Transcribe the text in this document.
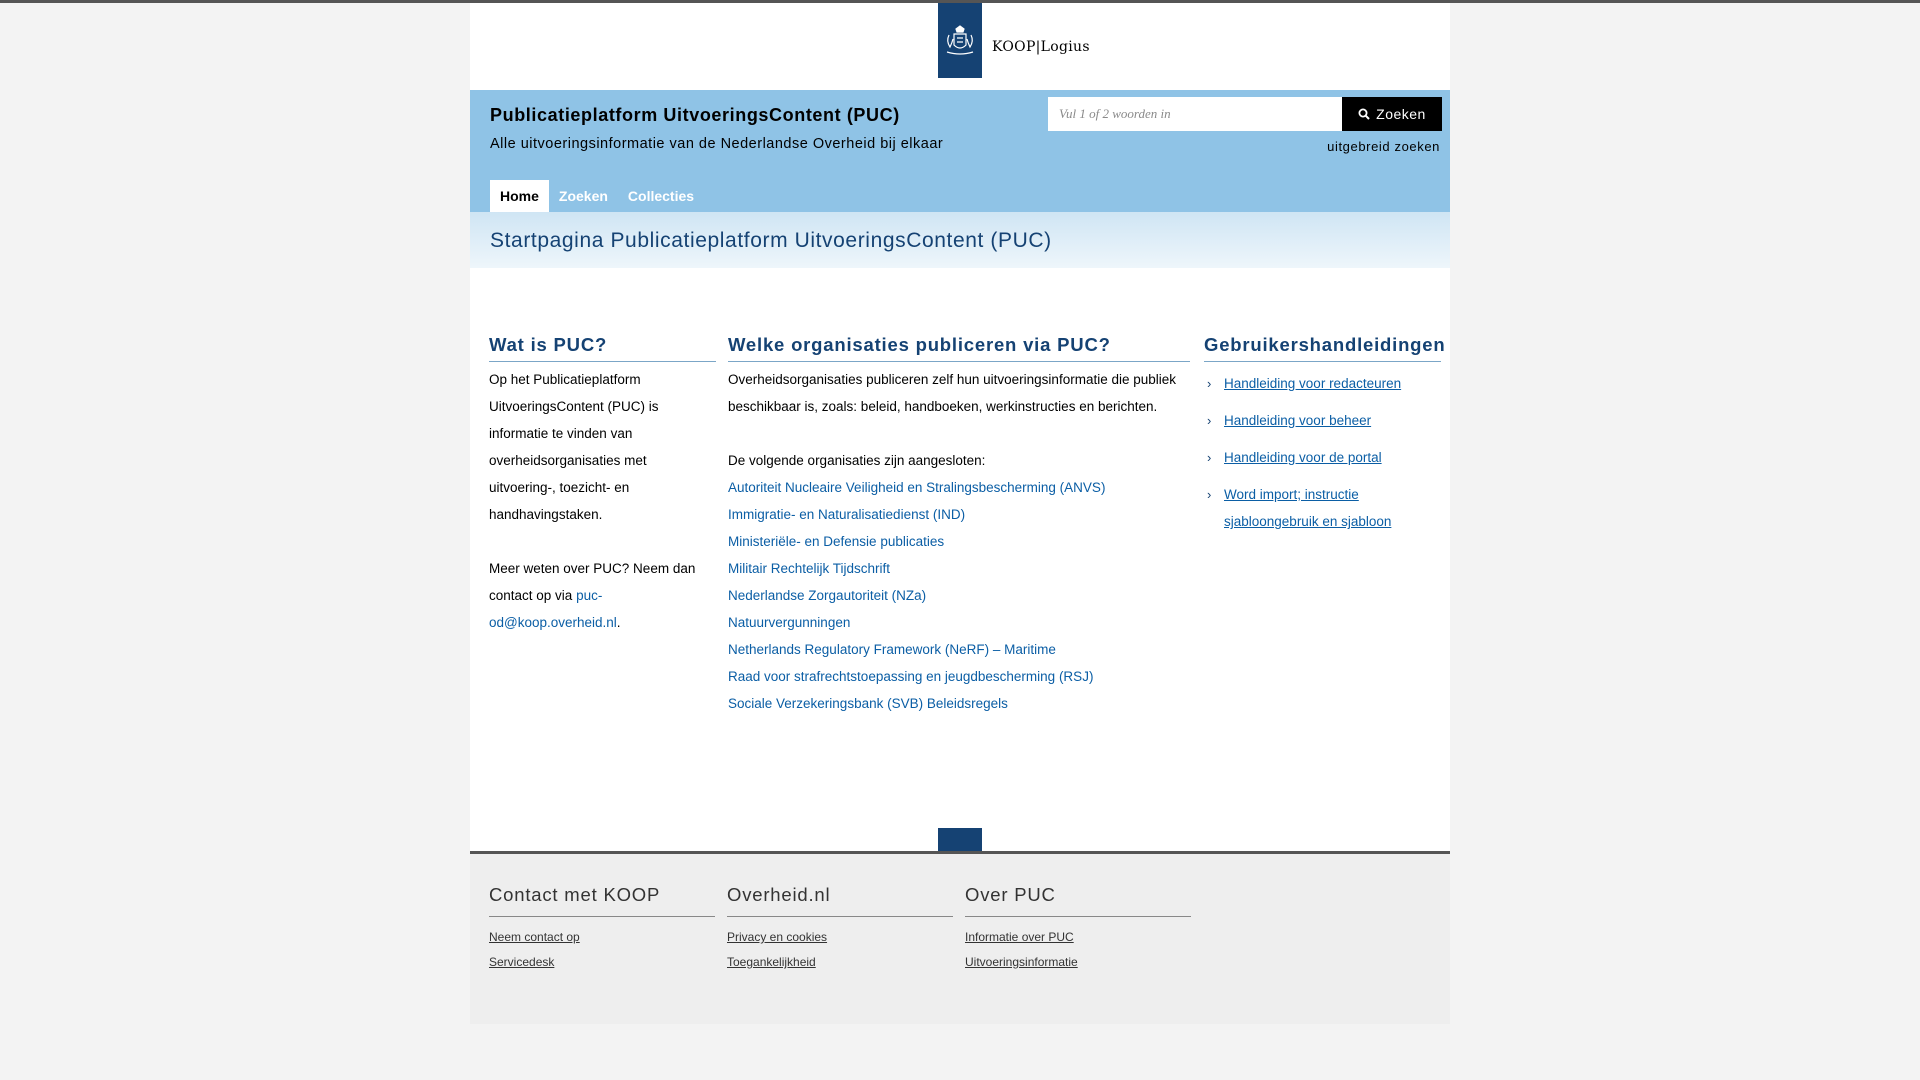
KOOP|Logius
Publicatieplatform UitvoeringsContent (PUC)
Alle uitvoeringsinformatie van de Nederlandse Overheid bij elkaar
Vul 1 of 2 woorden in
Zoeken
uitgebreid zoeken
Home	Zoeken	Collecties
Startpagina Publicatieplatform UitvoeringsContent (PUC)
Wat is PUC?

Op het Publicatieplatform UitvoeringsContent (PUC) is informatie te vinden van overheidsorganisaties met uitvoering-, toezicht- en handhavingstaken.

Meer weten over PUC? Neem dan contact op via puc-od@koop.overheid.nl.

Welke organisaties publiceren via PUC?

Overheidsorganisaties publiceren zelf hun uitvoeringsinformatie die publiek beschikbaar is, zoals: beleid, handboeken, werkinstructies en berichten.

De volgende organisaties zijn aangesloten:

Autoriteit Nucleaire Veiligheid en Stralingsbescherming (ANVS)
Immigratie- en Naturalisatiedienst (IND)
Ministeriële- en Defensie publicaties
Militair Rechtelijk Tijdschrift
Nederlandse Zorgautoriteit (NZa)
Natuurvergunningen
Netherlands Regulatory Framework (NeRF) – Maritime
Raad voor strafrechtstoepassing en jeugdbescherming (RSJ)
Sociale Verzekeringsbank (SVB) Beleidsregels
Gebruikershandleidingen
› Handleiding voor redacteuren
› Handleiding voor beheer
› Handleiding voor de portal
› Word import; instructie sjabloongebruik en sjabloon
Contact met KOOP
Neem contact op
Servicedesk
Overheid.nl
Privacy en cookies
Toegankelijkheid
Over PUC
Informatie over PUC
Uitvoeringsinformatie
